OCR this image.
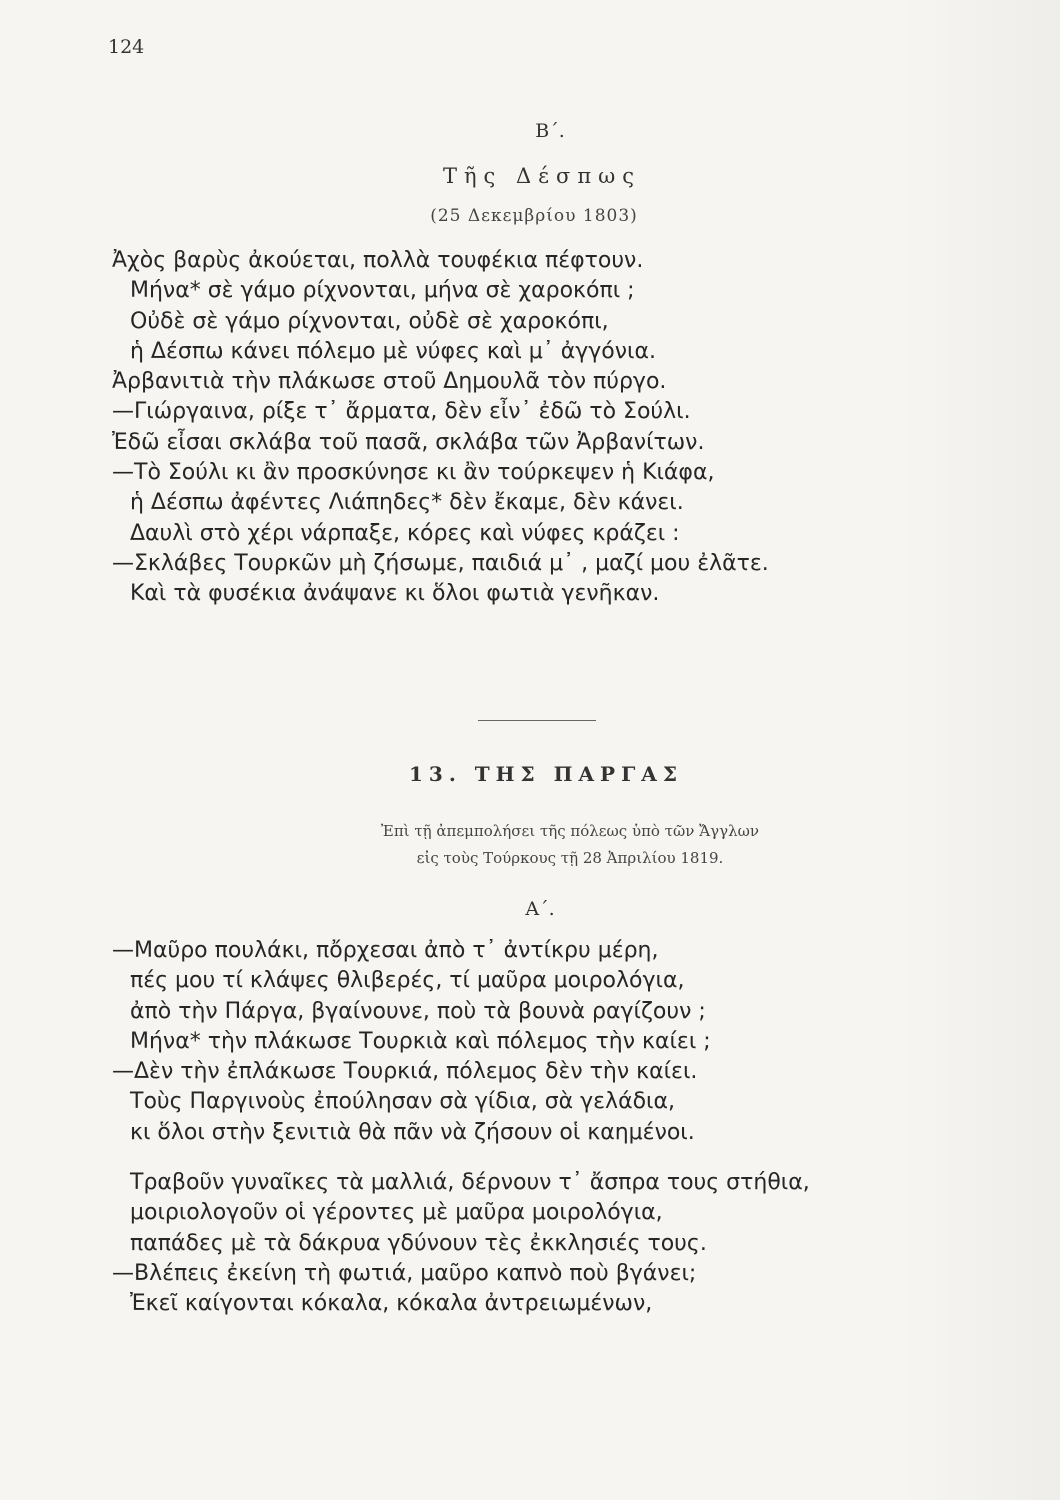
124
Β΄.
Τῆς Δέσπως
(25 Δεκεμβρίου 1803)
Ἀχὸς βαρὺς ἀκούεται, πολλὰ τουφέκια πέφτουν.
Μήνα* σὲ γάμο ρίχνονται, μήνα σὲ χαροκόπι ;
Οὐδὲ σὲ γάμο ρίχνονται, οὐδὲ σὲ χαροκόπι,
ἡ Δέσπω κάνει πόλεμο μὲ νύφες καὶ μ᾿ ἀγγόνια.
Ἀρβανιτιὰ τὴν πλάκωσε στοῦ Δημουλᾶ τὸν πύργο.
—Γιώργαινα, ρίξε τ᾿ ἄρματα, δὲν εἶν᾿ ἐδῶ τὸ Σούλι.
Ἐδῶ εἶσαι σκλάβα τοῦ πασᾶ, σκλάβα τῶν Ἀρβανίτων.
—Τὸ Σούλι κι ἂν προσκύνησε κι ἂν τούρκεψεν ἡ Κιάφα,
ἡ Δέσπω ἀφέντες Λιάπηδες* δὲν ἔκαμε, δὲν κάνει.
Δαυλὶ στὸ χέρι νάρπαξε, κόρες καὶ νύφες κράζει :
—Σκλάβες Τουρκῶν μὴ ζήσωμε, παιδιά μ᾿ , μαζί μου ἐλᾶτε.
Καὶ τὰ φυσέκια ἀνάψανε κι ὅλοι φωτιὰ γενῆκαν.
13. ΤΗΣ ΠΑΡΓΑΣ
Ἐπὶ τῇ ἀπεμπολήσει τῆς πόλεως ὑπὸ τῶν Ἄγγλων
εἰς τοὺς Τούρκους τῇ 28 Ἀπριλίου 1819.
Α΄.
—Μαῦρο πουλάκι, πὄρχεσαι ἀπὸ τ᾿ ἀντίκρυ μέρη,
πές μου τί κλάψες θλιβερές, τί μαῦρα μοιρολόγια,
ἀπὸ τὴν Πάργα, βγαίνουνε, ποὺ τὰ βουνὰ ραγίζουν ;
Μήνα* τὴν πλάκωσε Τουρκιὰ καὶ πόλεμος τὴν καίει ;
—Δὲν τὴν ἐπλάκωσε Τουρκιά, πόλεμος δὲν τὴν καίει.
Τοὺς Παργινοὺς ἐπούλησαν σὰ γίδια, σὰ γελάδια,
κι ὅλοι στὴν ξενιτιὰ θὰ πᾶν νὰ ζήσουν οἱ καημένοι.
Τραβοῦν γυναῖκες τὰ μαλλιά, δέρνουν τ᾿ ἄσπρα τους στήθια,
μοιριολογοῦν οἱ γέροντες μὲ μαῦρα μοιρολόγια,
παπάδες μὲ τὰ δάκρυα γδύνουν τὲς ἐκκλησιές τους.
—Βλέπεις ἐκείνη τὴ φωτιά, μαῦρο καπνὸ ποὺ βγάνει;
Ἐκεῖ καίγονται κόκαλα, κόκαλα ἀντρειωμένων,
